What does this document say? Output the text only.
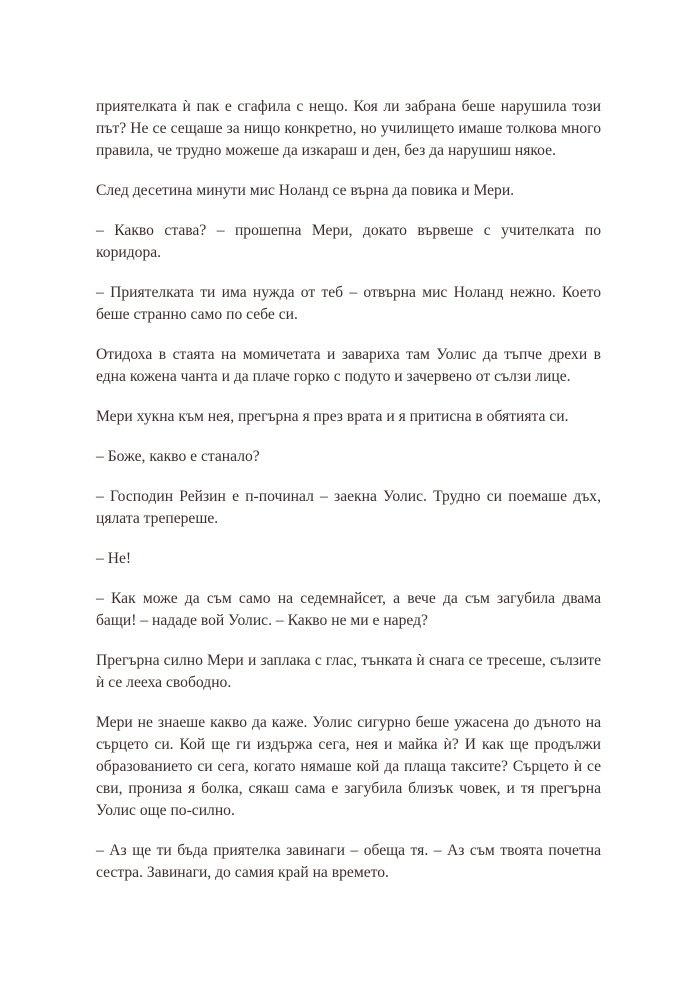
приятелката ѝ пак е сгафила с нещо. Коя ли забрана беше нарушила този път? Не се сещаше за нищо конкретно, но училището имаше толкова много правила, че трудно можеше да изкараш и ден, без да нарушиш някое.

След десетина минути мис Ноланд се върна да повика и Мери.

– Какво става? – прошепна Мери, докато вървеше с учителката по коридора.

– Приятелката ти има нужда от теб – отвърна мис Ноланд нежно. Което беше странно само по себе си.

Отидоха в стаята на момичетата и завариха там Уолис да тъпче дрехи в една кожена чанта и да плаче горко с подуто и зачервено от сълзи лице.

Мери хукна към нея, прегърна я през врата и я притисна в обятията си.

– Боже, какво е станало?

– Господин Рейзин е п-починал – заекна Уолис. Трудно си поемаше дъх, цялата трепереше.

– Не!

– Как може да съм само на седемнайсет, а вече да съм загубила двама бащи! – нададе вой Уолис. – Какво не ми е наред?

Прегърна силно Мери и заплака с глас, тънката ѝ снага се тресеше, сълзите ѝ се лееха свободно.

Мери не знаеше какво да каже. Уолис сигурно беше ужасена до дъното на сърцето си. Кой ще ги издържа сега, нея и майка ѝ? И как ще продължи образованието си сега, когато нямаше кой да плаща таксите? Сърцето ѝ се сви, прониза я болка, сякаш сама е загубила близък човек, и тя прегърна Уолис още по-силно.

– Аз ще ти бъда приятелка завинаги – обеща тя. – Аз съм твоята почетна сестра. Завинаги, до самия край на времето.
